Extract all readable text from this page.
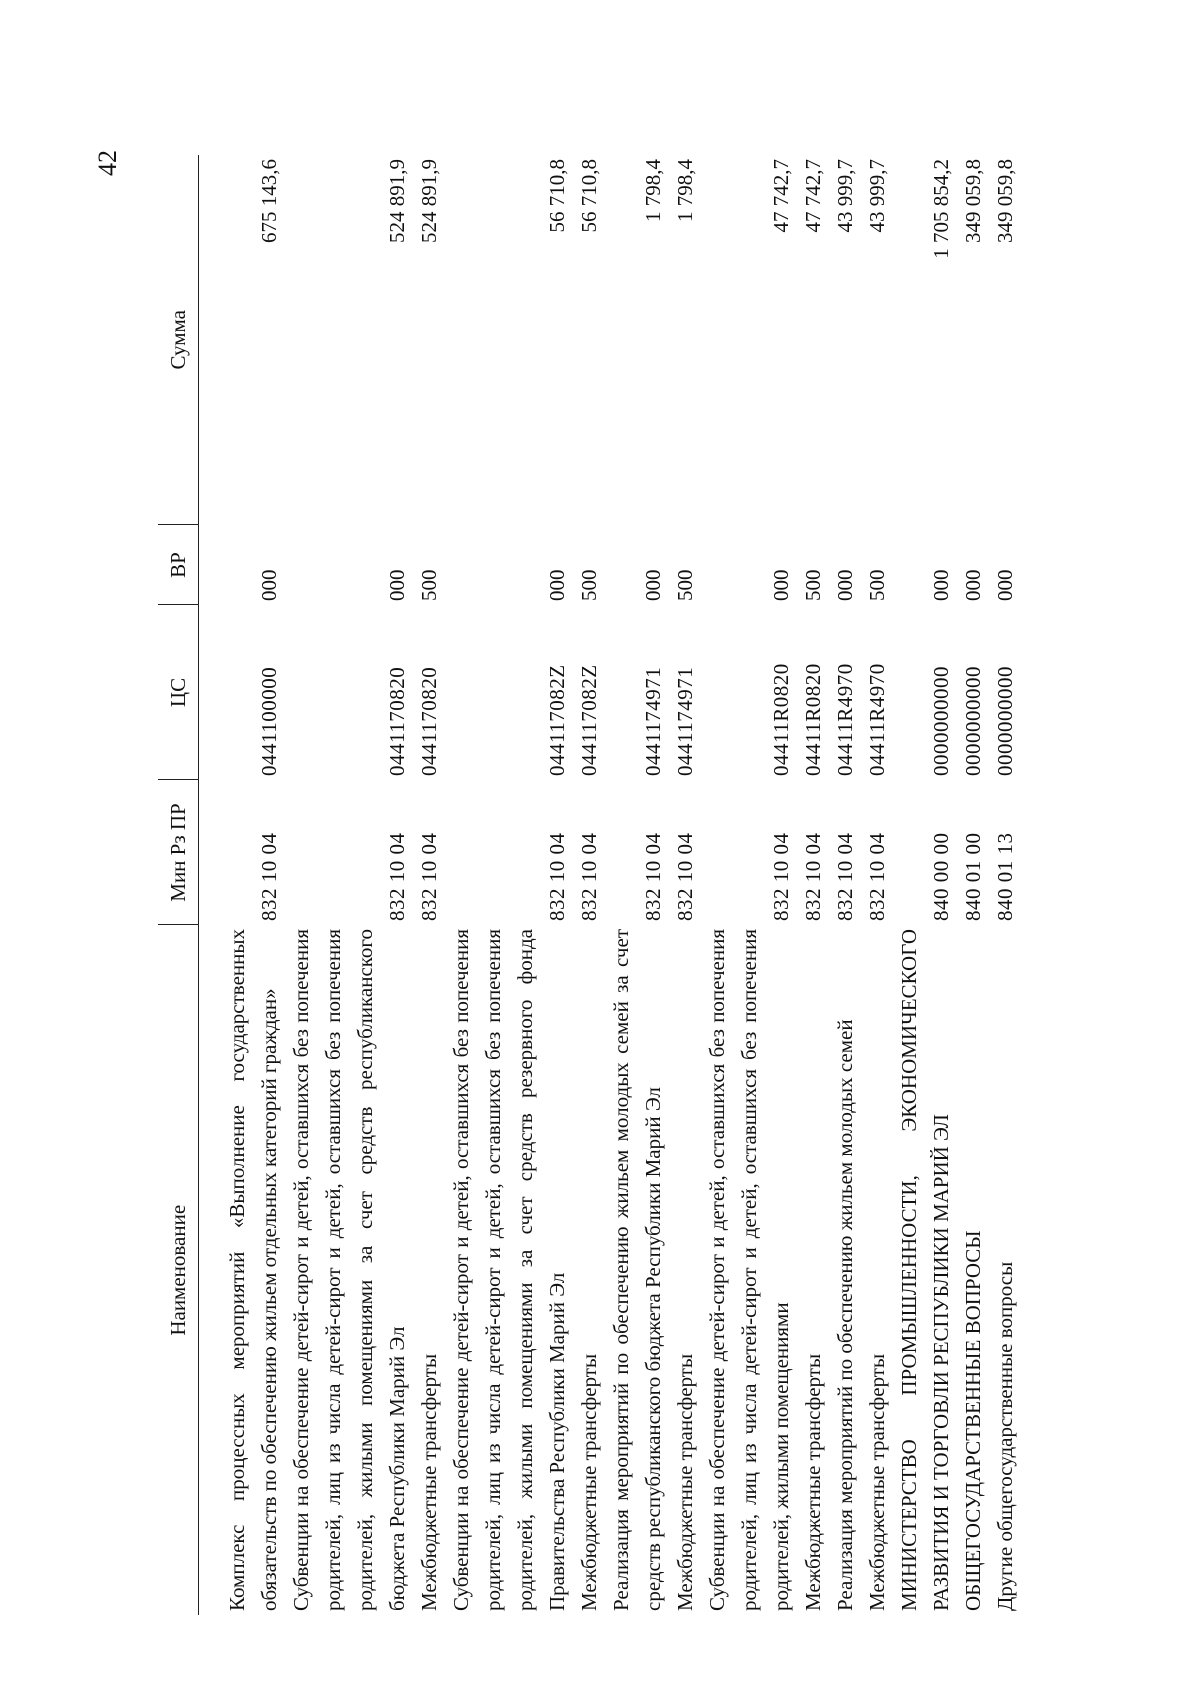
42
Наименование	Мин Рз ПР	ЦС	ВР	Сумма

Комплекс процессных мероприятий «Выполнение государственных обязательств по обеспечению жильем отдельных категорий граждан»	832 10 04	0441100000	000	675 143,6
Субвенции на обеспечение детей-сирот и детей, оставшихся без попечения родителей, лиц из числа детей-сирот и детей, оставшихся без попечения родителей, жилыми помещениями за счет средств республиканского бюджета Республики Марий Эл	832 10 04	0441170820	000	524 891,9
Межбюджетные трансферты	832 10 04	0441170820	500	524 891,9
Субвенции на обеспечение детей-сирот и детей, оставшихся без попечения родителей, лиц из числа детей-сирот и детей, оставшихся без попечения родителей, жилыми помещениями за счет средств резервного фонда Правительства Республики Марий Эл	832 10 04	044117082Z	000	56 710,8
Межбюджетные трансферты	832 10 04	044117082Z	500	56 710,8
Реализация мероприятий по обеспечению жильем молодых семей за счет средств республиканского бюджета Республики Марий Эл	832 10 04	0441174971	000	1 798,4
Межбюджетные трансферты	832 10 04	0441174971	500	1 798,4
Субвенции на обеспечение детей-сирот и детей, оставшихся без попечения родителей, лиц из числа детей-сирот и детей, оставшихся без попечения родителей, жилыми помещениями	832 10 04	04411R0820	000	47 742,7
Межбюджетные трансферты	832 10 04	04411R0820	500	47 742,7
Реализация мероприятий по обеспечению жильем молодых семей	832 10 04	04411R4970	000	43 999,7
Межбюджетные трансферты	832 10 04	04411R4970	500	43 999,7
МИНИСТЕРСТВО ПРОМЫШЛЕННОСТИ, ЭКОНОМИЧЕСКОГО РАЗВИТИЯ И ТОРГОВЛИ РЕСПУБЛИКИ МАРИЙ ЭЛ	840 00 00	0000000000	000	1 705 854,2
ОБЩЕГОСУДАРСТВЕННЫЕ ВОПРОСЫ	840 01 00	0000000000	000	349 059,8
Другие общегосударственные вопросы	840 01 13	0000000000	000	349 059,8
